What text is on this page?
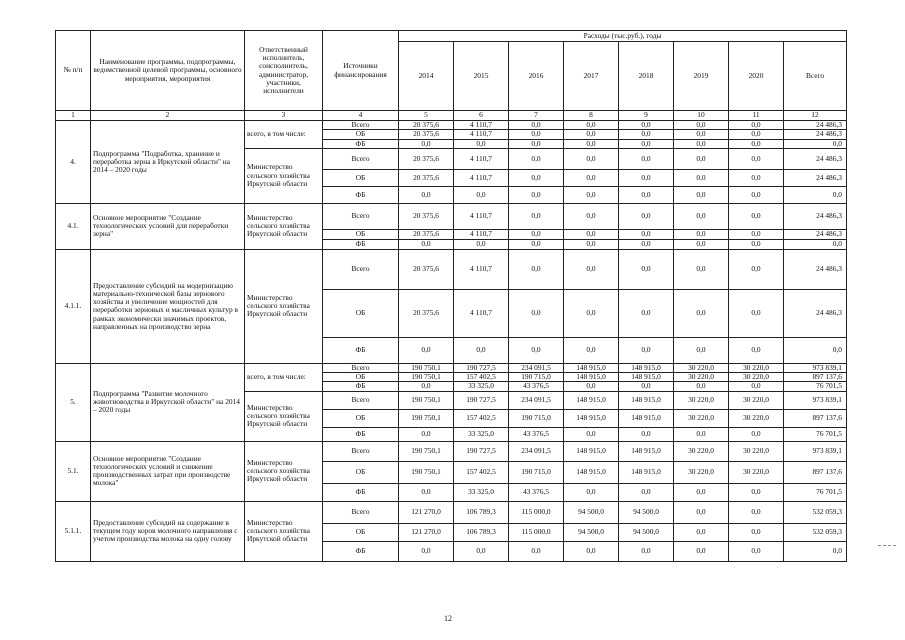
№ п/п	Наименование программы, подпрограммы, ведомственной целевой программы, основного мероприятия, мероприятия	Ответственный исполнитель, соисполнитель, администратор, участники, исполнители	Источники финансирования	Расходы (тыс.руб.), годы							
				2014	2015	2016	2017	2018	2019	2020	Всего
1	2	3	4	5	6	7	8	9	10	11	12
4.	Подпрограмма "Подработка, хранение и переработка зерна в Иркутской области" на 2014 – 2020 годы	всего, в том числе:	Всего	20 375,6	4 110,7	0,0	0,0	0,0	0,0	0,0	24 486,3
			ОБ	20 375,6	4 110,7	0,0	0,0	0,0	0,0	0,0	24 486,3
			ФБ	0,0	0,0	0,0	0,0	0,0	0,0	0,0	0,0
		Министерство сельского хозяйства Иркутской области	Всего	20 375,6	4 110,7	0,0	0,0	0,0	0,0	0,0	24 486,3
			ОБ	20 375,6	4 110,7	0,0	0,0	0,0	0,0	0,0	24 486,3
			ФБ	0,0	0,0	0,0	0,0	0,0	0,0	0,0	0,0
4.1.	Основное мероприятие "Создание технологических условий для переработки зерна"	Министерство сельского хозяйства Иркутской области	Всего	20 375,6	4 110,7	0,0	0,0	0,0	0,0	0,0	24 486,3
			ОБ	20 375,6	4 110,7	0,0	0,0	0,0	0,0	0,0	24 486,3
			ФБ	0,0	0,0	0,0	0,0	0,0	0,0	0,0	0,0
4.1.1.	Предоставление субсидий на модернизацию материально-технической базы зернового хозяйства и увеличение мощностей для переработки зерновых и масличных культур в рамках экономически значимых проектов, направленных на производство зерна	Министерство сельского хозяйства Иркутской области	Всего	20 375,6	4 110,7	0,0	0,0	0,0	0,0	0,0	24 486,3
			ОБ	20 375,6	4 110,7	0,0	0,0	0,0	0,0	0,0	24 486,3
			ФБ	0,0	0,0	0,0	0,0	0,0	0,0	0,0	0,0
5.	Подпрограмма "Развитие молочного животноводства в Иркутской области" на 2014 – 2020 годы	всего, в том числе:	Всего	190 750,1	190 727,5	234 091,5	148 915,0	148 915,0	30 220,0	30 220,0	973 839,1
			ОБ	190 750,1	157 402,5	190 715,0	148 915,0	148 915,0	30 220,0	30 220,0	897 137,6
			ФБ	0,0	33 325,0	43 376,5	0,0	0,0	0,0	0,0	76 701,5
		Министерство сельского хозяйства Иркутской области	Всего	190 750,1	190 727,5	234 091,5	148 915,0	148 915,0	30 220,0	30 220,0	973 839,1
			ОБ	190 750,1	157 402,5	190 715,0	148 915,0	148 915,0	30 220,0	30 220,0	897 137,6
			ФБ	0,0	33 325,0	43 376,5	0,0	0,0	0,0	0,0	76 701,5
5.1.	Основное мероприятие "Создание технологических условий и снижение производственных затрат при производстве молока"	Министерство сельского хозяйства Иркутской области	Всего	190 750,1	190 727,5	234 091,5	148 915,0	148 915,0	30 220,0	30 220,0	973 839,1
			ОБ	190 750,1	157 402,5	190 715,0	148 915,0	148 915,0	30 220,0	30 220,0	897 137,6
			ФБ	0,0	33 325,0	43 376,5	0,0	0,0	0,0	0,0	76 701,5
5.1.1.	Предоставление субсидий на содержание в текущем году коров молочного направления с учетом производства молока на одну голову	Министерство сельского хозяйства Иркутской области	Всего	121 270,0	106 789,3	115 000,0	94 500,0	94 500,0	0,0	0,0	532 059,3
			ОБ	121 270,0	106 789,3	115 000,0	94 500,0	94 500,0	0,0	0,0	532 059,3
			ФБ	0,0	0,0	0,0	0,0	0,0	0,0	0,0	0,0
12
